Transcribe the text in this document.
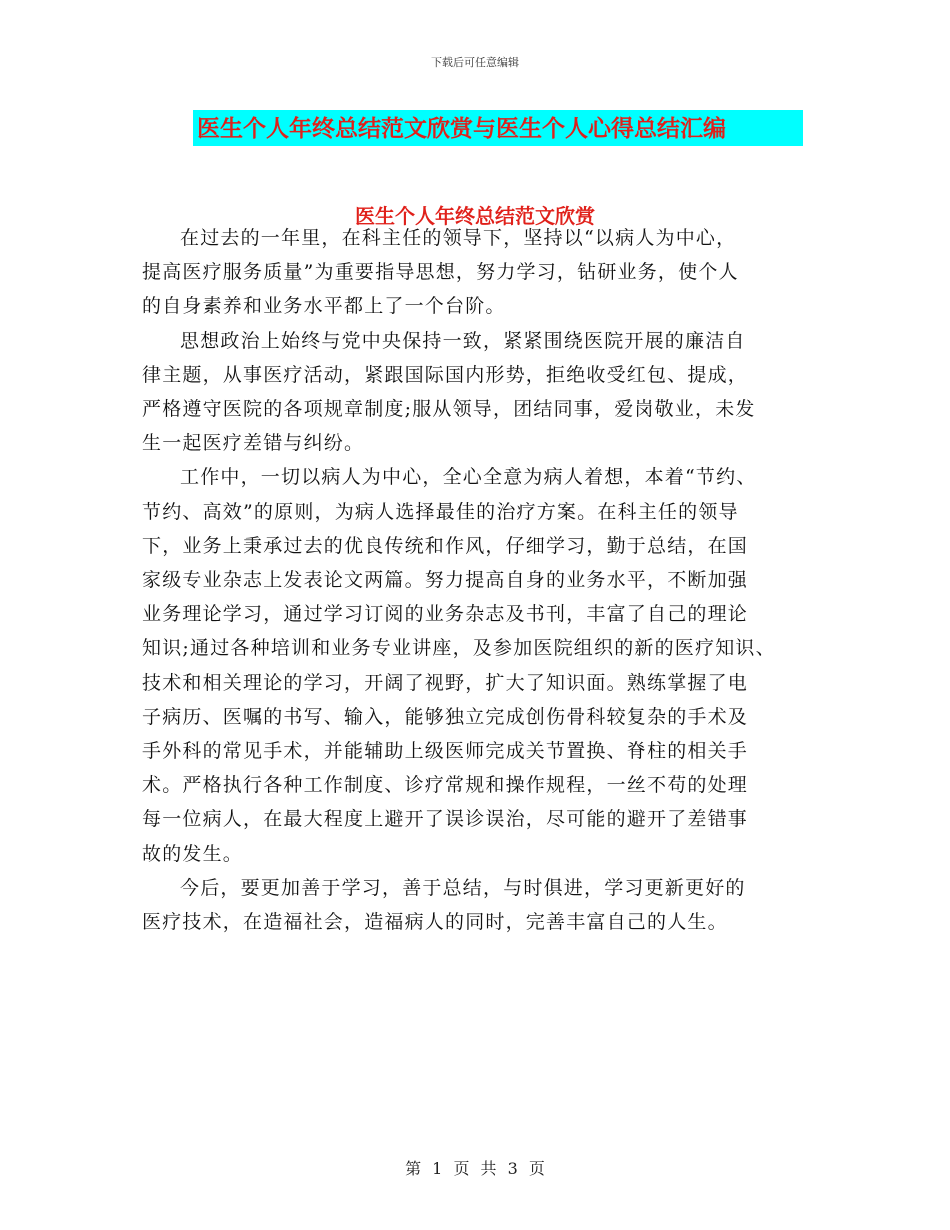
下载后可任意编辑
医生个人年终总结范文欣赏与医生个人心得总结汇编
医生个人年终总结范文欣赏

在过去的一年里，在科主任的领导下，坚持以“以病人为中心，
提高医疗服务质量”为重要指导思想，努力学习，钻研业务，使个人
的自身素养和业务水平都上了一个台阶。

思想政治上始终与党中央保持一致，紧紧围绕医院开展的廉洁自
律主题，从事医疗活动，紧跟国际国内形势，拒绝收受红包、提成，
严格遵守医院的各项规章制度;服从领导，团结同事，爱岗敬业，未发
生一起医疗差错与纠纷。

工作中，一切以病人为中心，全心全意为病人着想，本着“节约、
节约、高效”的原则，为病人选择最佳的治疗方案。在科主任的领导
下，业务上秉承过去的优良传统和作风，仔细学习，勤于总结，在国
家级专业杂志上发表论文两篇。努力提高自身的业务水平，不断加强
业务理论学习，通过学习订阅的业务杂志及书刊，丰富了自己的理论
知识;通过各种培训和业务专业讲座，及参加医院组织的新的医疗知识、
技术和相关理论的学习，开阔了视野，扩大了知识面。熟练掌握了电
子病历、医嘱的书写、输入，能够独立完成创伤骨科较复杂的手术及
手外科的常见手术，并能辅助上级医师完成关节置换、脊柱的相关手
术。严格执行各种工作制度、诊疗常规和操作规程，一丝不苟的处理
每一位病人，在最大程度上避开了误诊误治，尽可能的避开了差错事
故的发生。

今后，要更加善于学习，善于总结，与时俱进，学习更新更好的
医疗技术，在造福社会，造福病人的同时，完善丰富自己的人生。

第 1 页 共 3 页
